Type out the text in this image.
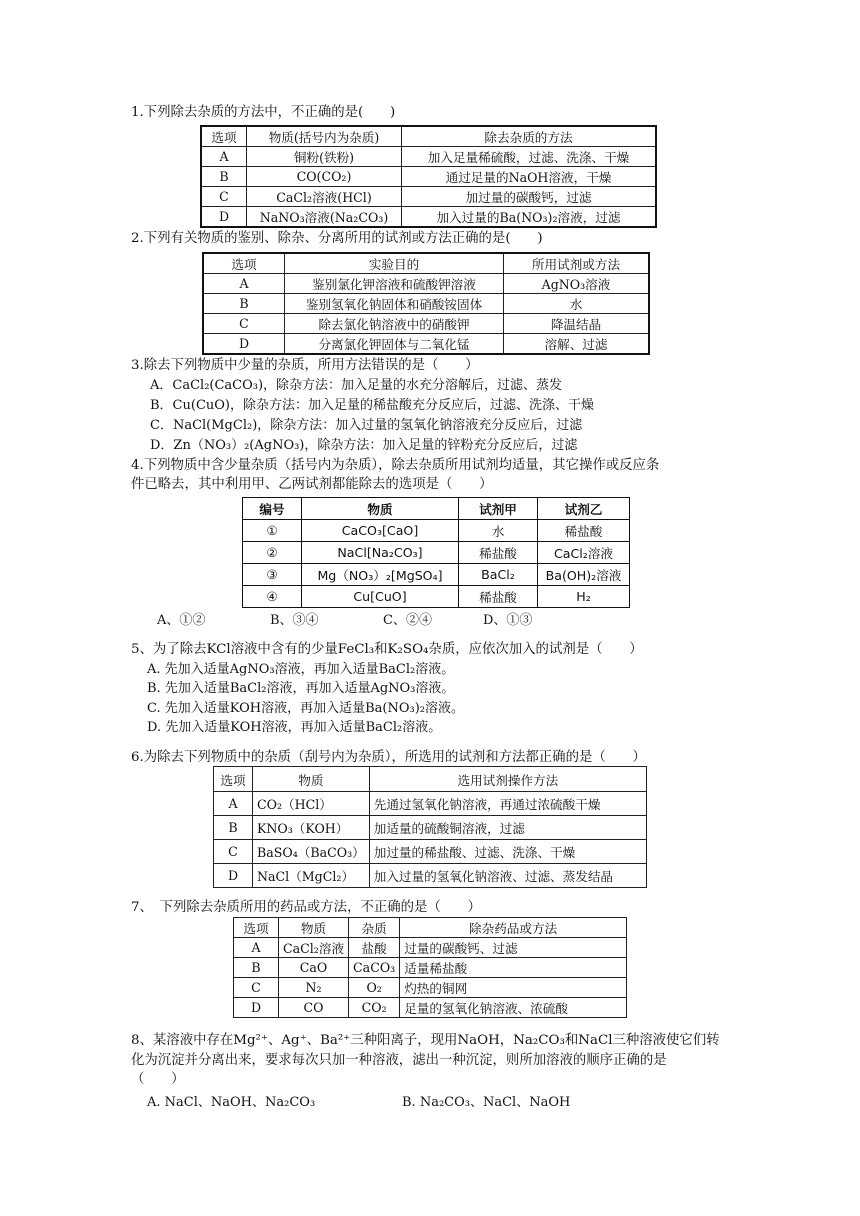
1.下列除去杂质的方法中，不正确的是(　　)
选项	物质(括号内为杂质)	除去杂质的方法
A	铜粉(铁粉)	加入足量稀硫酸，过滤、洗涤、干燥
B	CO(CO₂)	通过足量的NaOH溶液，干燥
C	CaCl₂溶液(HCl)	加过量的碳酸钙，过滤
D	NaNO₃溶液(Na₂CO₃)	加入过量的Ba(NO₃)₂溶液，过滤
2.下列有关物质的鉴别、除杂、分离所用的试剂或方法正确的是(　　)
选项	实验目的	所用试剂或方法
A	鉴别氯化钾溶液和硫酸钾溶液	AgNO₃溶液
B	鉴别氢氧化钠固体和硝酸铵固体	水
C	除去氯化钠溶液中的硝酸钾	降温结晶
D	分离氯化钾固体与二氧化锰	溶解、过滤
3.除去下列物质中少量的杂质，所用方法错误的是（　　）
A．CaCl₂(CaCO₃)，除杂方法：加入足量的水充分溶解后，过滤、蒸发
B．Cu(CuO)，除杂方法：加入足量的稀盐酸充分反应后，过滤、洗涤、干燥
C．NaCl(MgCl₂)，除杂方法：加入过量的氢氧化钠溶液充分反应后，过滤
D．Zn（NO₃）₂(AgNO₃)，除杂方法：加入足量的锌粉充分反应后，过滤
4.下列物质中含少量杂质（括号内为杂质），除去杂质所用试剂均适量，其它操作或反应条
件已略去，其中利用甲、乙两试剂都能除去的选项是（　　）
编号	物质	试剂甲	试剂乙
①	CaCO₃[CaO]	水	稀盐酸
②	NaCl[Na₂CO₃]	稀盐酸	CaCl₂溶液
③	Mg（NO₃）₂[MgSO₄]	BaCl₂	Ba(OH)₂溶液
④	Cu[CuO]	稀盐酸	H₂
A、①②	B、③④	C、②④	D、①③
5、为了除去KCl溶液中含有的少量FeCl₃和K₂SO₄杂质，应依次加入的试剂是（　　）
A. 先加入适量AgNO₃溶液，再加入适量BaCl₂溶液。
B. 先加入适量BaCl₂溶液，再加入适量AgNO₃溶液。
C. 先加入适量KOH溶液，再加入适量Ba(NO₃)₂溶液。
D. 先加入适量KOH溶液，再加入适量BaCl₂溶液。
6.为除去下列物质中的杂质（刮号内为杂质），所选用的试剂和方法都正确的是（　　）
选项	物质	选用试剂操作方法
A	CO₂（HCl）	先通过氢氧化钠溶液，再通过浓硫酸干燥
B	KNO₃（KOH）	加适量的硫酸铜溶液，过滤
C	BaSO₄（BaCO₃）	加过量的稀盐酸、过滤、洗涤、干燥
D	NaCl（MgCl₂）	加入过量的氢氧化钠溶液、过滤、蒸发结晶
7、　下列除去杂质所用的药品或方法，不正确的是（　　）
选项	物质	杂质	除杂药品或方法
A	CaCl₂溶液	盐酸	过量的碳酸钙、过滤
B	CaO	CaCO₃	适量稀盐酸
C	N₂	O₂	灼热的铜网
D	CO	CO₂	足量的氢氧化钠溶液、浓硫酸
8、某溶液中存在Mg²⁺、Ag⁺、Ba²⁺三种阳离子，现用NaOH，Na₂CO₃和NaCl三种溶液使它们转
化为沉淀并分离出来，要求每次只加一种溶液，滤出一种沉淀，则所加溶液的顺序正确的是
（　　）
A. NaCl、NaOH、Na₂CO₃	B. Na₂CO₃、NaCl、NaOH
